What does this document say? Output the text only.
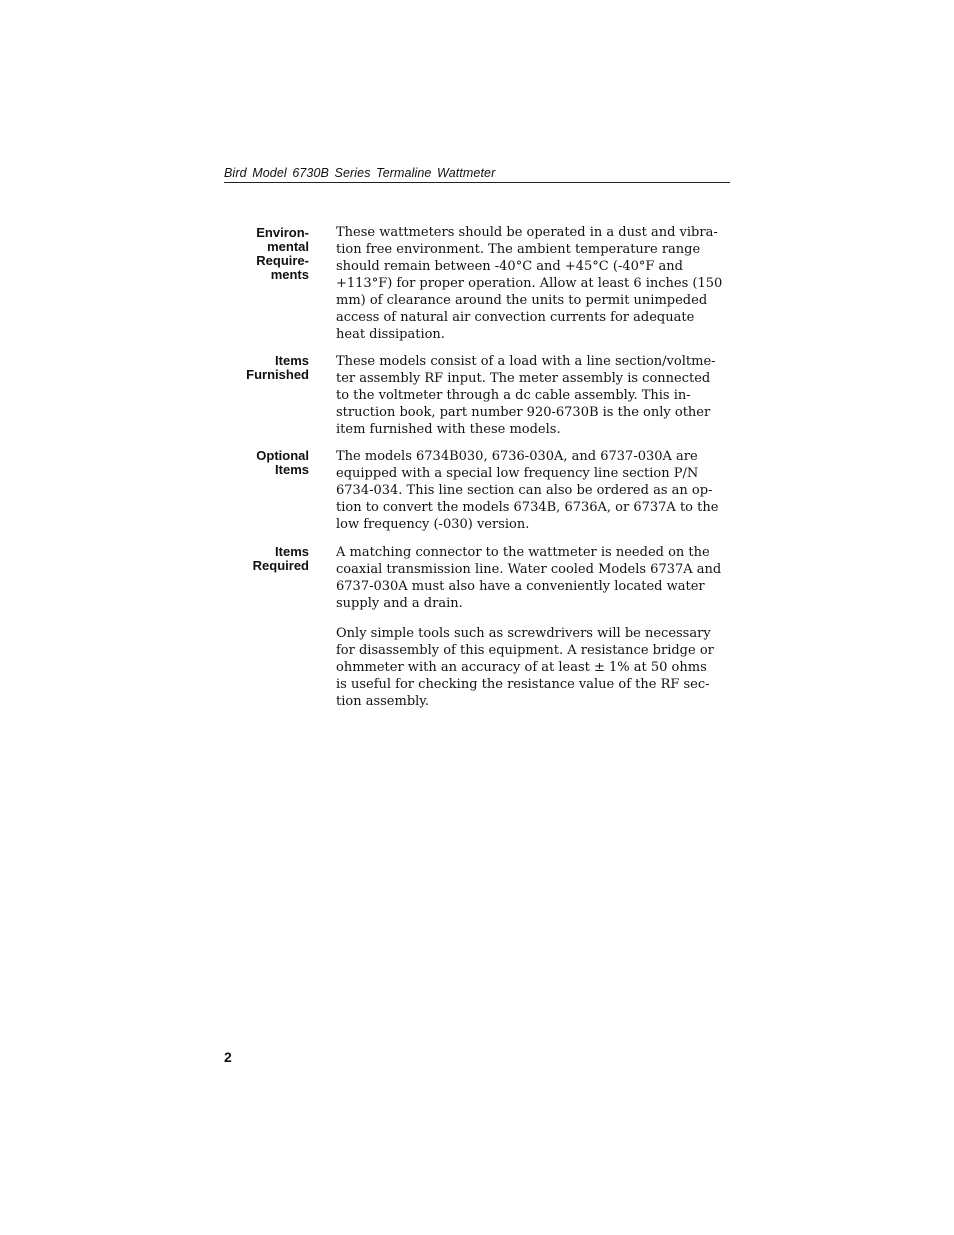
Bird Model 6730B Series Termaline Wattmeter
Environ-
mental
Require-
ments
These wattmeters should be operated in a dust and vibra-
tion free environment. The ambient temperature range
should remain between -40°C and +45°C (-40°F and
+113°F) for proper operation. Allow at least 6 inches (150
mm) of clearance around the units to permit unimpeded
access of natural air convection currents for adequate
heat dissipation.
Items
Furnished
These models consist of a load with a line section/voltme-
ter assembly RF input. The meter assembly is connected
to the voltmeter through a dc cable assembly. This in-
struction book, part number 920-6730B is the only other
item furnished with these models.
Optional
Items
The models 6734B030, 6736-030A, and 6737-030A are
equipped with a special low frequency line section P/N
6734-034. This line section can also be ordered as an op-
tion to convert the models 6734B, 6736A, or 6737A to the
low frequency (-030) version.
Items
Required
A matching connector to the wattmeter is needed on the
coaxial transmission line. Water cooled Models 6737A and
6737-030A must also have a conveniently located water
supply and a drain.
Only simple tools such as screwdrivers will be necessary
for disassembly of this equipment. A resistance bridge or
ohmmeter with an accuracy of at least ± 1% at 50 ohms
is useful for checking the resistance value of the RF sec-
tion assembly.
2
